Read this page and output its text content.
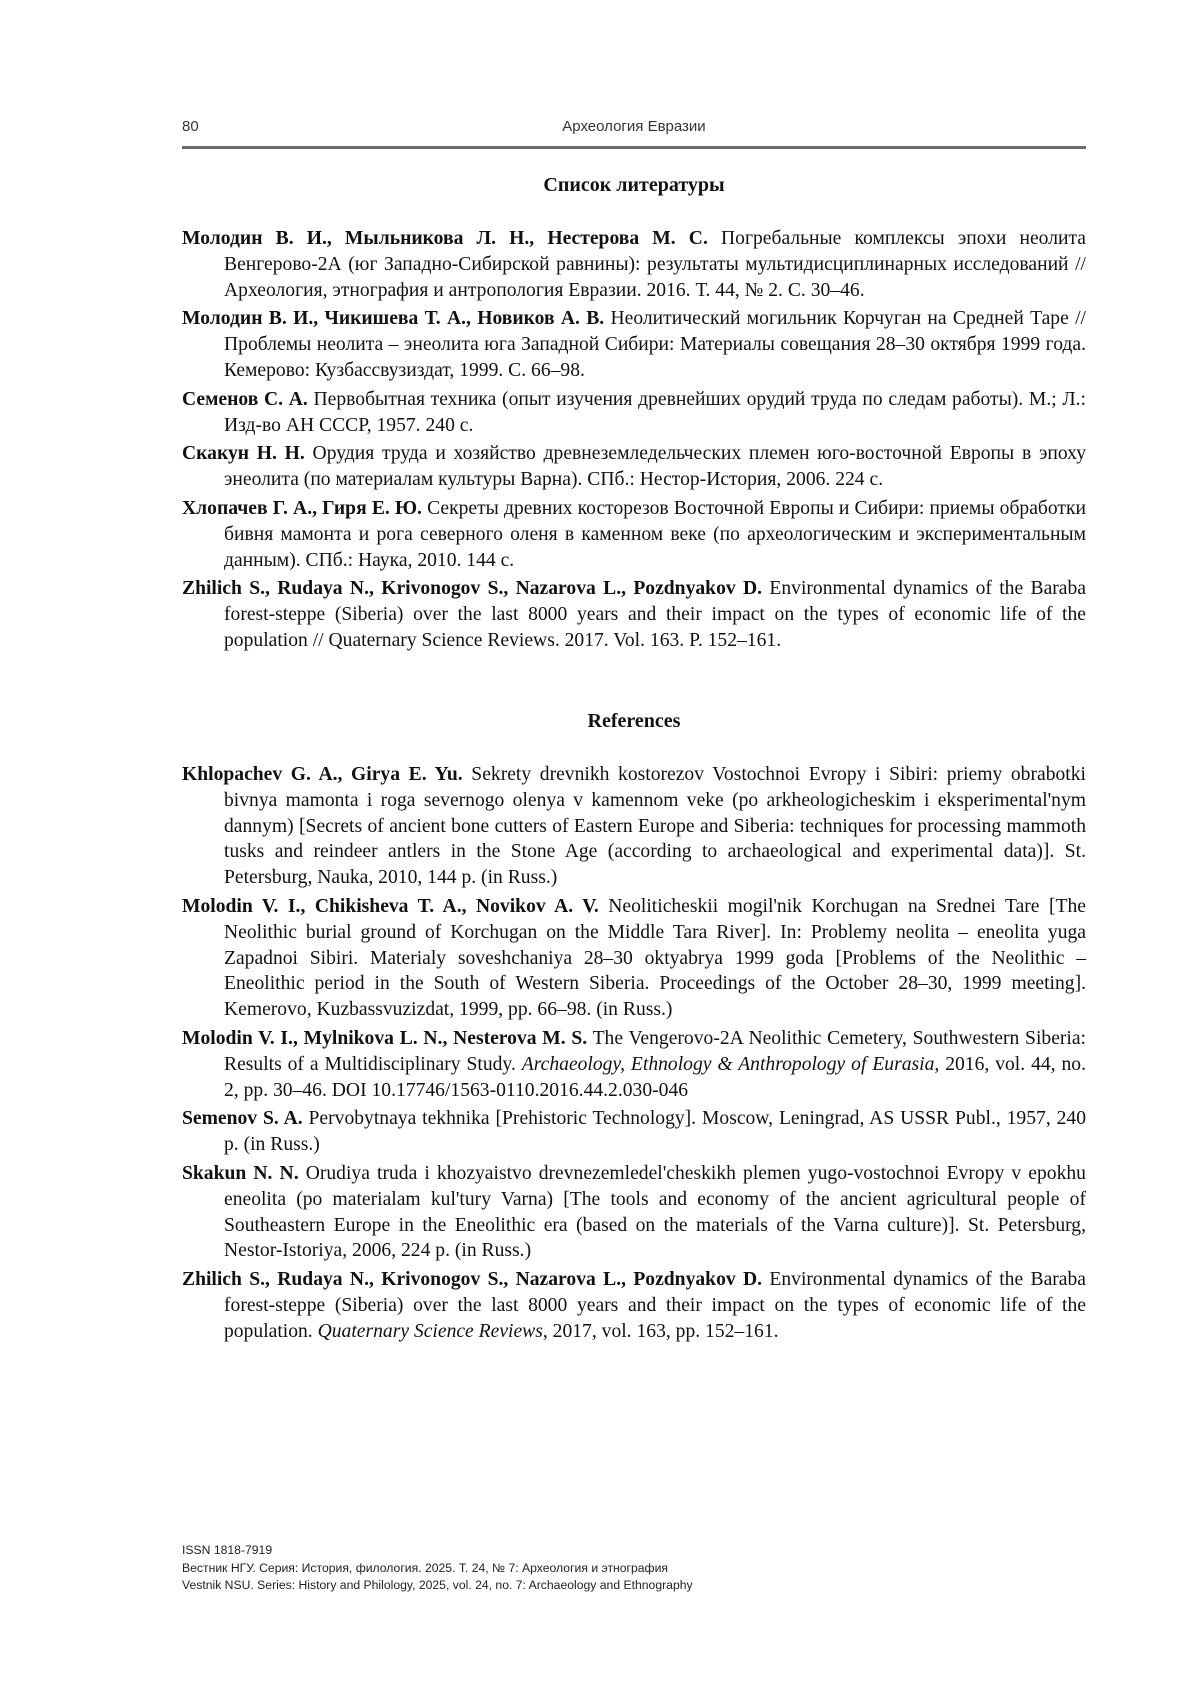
80	Археология Евразии
Список литературы

Молодин В. И., Мыльникова Л. Н., Нестерова М. С. Погребальные комплексы эпохи неолита Венгерово-2А (юг Западно-Сибирской равнины): результаты мультидисциплинарных исследований // Археология, этнография и антропология Евразии. 2016. Т. 44, № 2. С. 30–46.

Молодин В. И., Чикишева Т. А., Новиков А. В. Неолитический могильник Корчуган на Средней Таре // Проблемы неолита – энеолита юга Западной Сибири: Материалы совещания 28–30 октября 1999 года. Кемерово: Кузбассвузиздат, 1999. С. 66–98.

Семенов С. А. Первобытная техника (опыт изучения древнейших орудий труда по следам работы). М.; Л.: Изд-во АН СССР, 1957. 240 с.

Скакун Н. Н. Орудия труда и хозяйство древнеземледельческих племен юго-восточной Европы в эпоху энеолита (по материалам культуры Варна). СПб.: Нестор-История, 2006. 224 с.

Хлопачев Г. А., Гиря Е. Ю. Секреты древних косторезов Восточной Европы и Сибири: приемы обработки бивня мамонта и рога северного оленя в каменном веке (по археологическим и экспериментальным данным). СПб.: Наука, 2010. 144 с.

Zhilich S., Rudaya N., Krivonogov S., Nazarova L., Pozdnyakov D. Environmental dynamics of the Baraba forest-steppe (Siberia) over the last 8000 years and their impact on the types of economic life of the population // Quaternary Science Reviews. 2017. Vol. 163. P. 152–161.

References

Khlopachev G. A., Girya E. Yu. Sekrety drevnikh kostorezov Vostochnoi Evropy i Sibiri: priemy obrabotki bivnya mamonta i roga severnogo olenya v kamennom veke (po arkheologicheskim i eksperimental'nym dannym) [Secrets of ancient bone cutters of Eastern Europe and Siberia: techniques for processing mammoth tusks and reindeer antlers in the Stone Age (according to archaeological and experimental data)]. St. Petersburg, Nauka, 2010, 144 p. (in Russ.)

Molodin V. I., Chikisheva T. A., Novikov A. V. Neoliticheskii mogil'nik Korchugan na Srednei Tare [The Neolithic burial ground of Korchugan on the Middle Tara River]. In: Problemy neolita – eneolita yuga Zapadnoi Sibiri. Materialy soveshchaniya 28–30 oktyabrya 1999 goda [Problems of the Neolithic – Eneolithic period in the South of Western Siberia. Proceedings of the October 28–30, 1999 meeting]. Kemerovo, Kuzbassvuzizdat, 1999, pp. 66–98. (in Russ.)

Molodin V. I., Mylnikova L. N., Nesterova M. S. The Vengerovo-2A Neolithic Cemetery, Southwestern Siberia: Results of a Multidisciplinary Study. Archaeology, Ethnology & Anthropology of Eurasia, 2016, vol. 44, no. 2, pp. 30–46. DOI 10.17746/1563-0110.2016.44.2.030-046

Semenov S. A. Pervobytnaya tekhnika [Prehistoric Technology]. Moscow, Leningrad, AS USSR Publ., 1957, 240 p. (in Russ.)

Skakun N. N. Orudiya truda i khozyaistvo drevnezemledel'cheskikh plemen yugo-vostochnoi Evropy v epokhu eneolita (po materialam kul'tury Varna) [The tools and economy of the ancient agricultural people of Southeastern Europe in the Eneolithic era (based on the materials of the Varna culture)]. St. Petersburg, Nestor-Istoriya, 2006, 224 p. (in Russ.)

Zhilich S., Rudaya N., Krivonogov S., Nazarova L., Pozdnyakov D. Environmental dynamics of the Baraba forest-steppe (Siberia) over the last 8000 years and their impact on the types of economic life of the population. Quaternary Science Reviews, 2017, vol. 163, pp. 152–161.

ISSN 1818-7919
Вестник НГУ. Серия: История, филология. 2025. Т. 24, № 7: Археология и этнография
Vestnik NSU. Series: History and Philology, 2025, vol. 24, no. 7: Archaeology and Ethnography
